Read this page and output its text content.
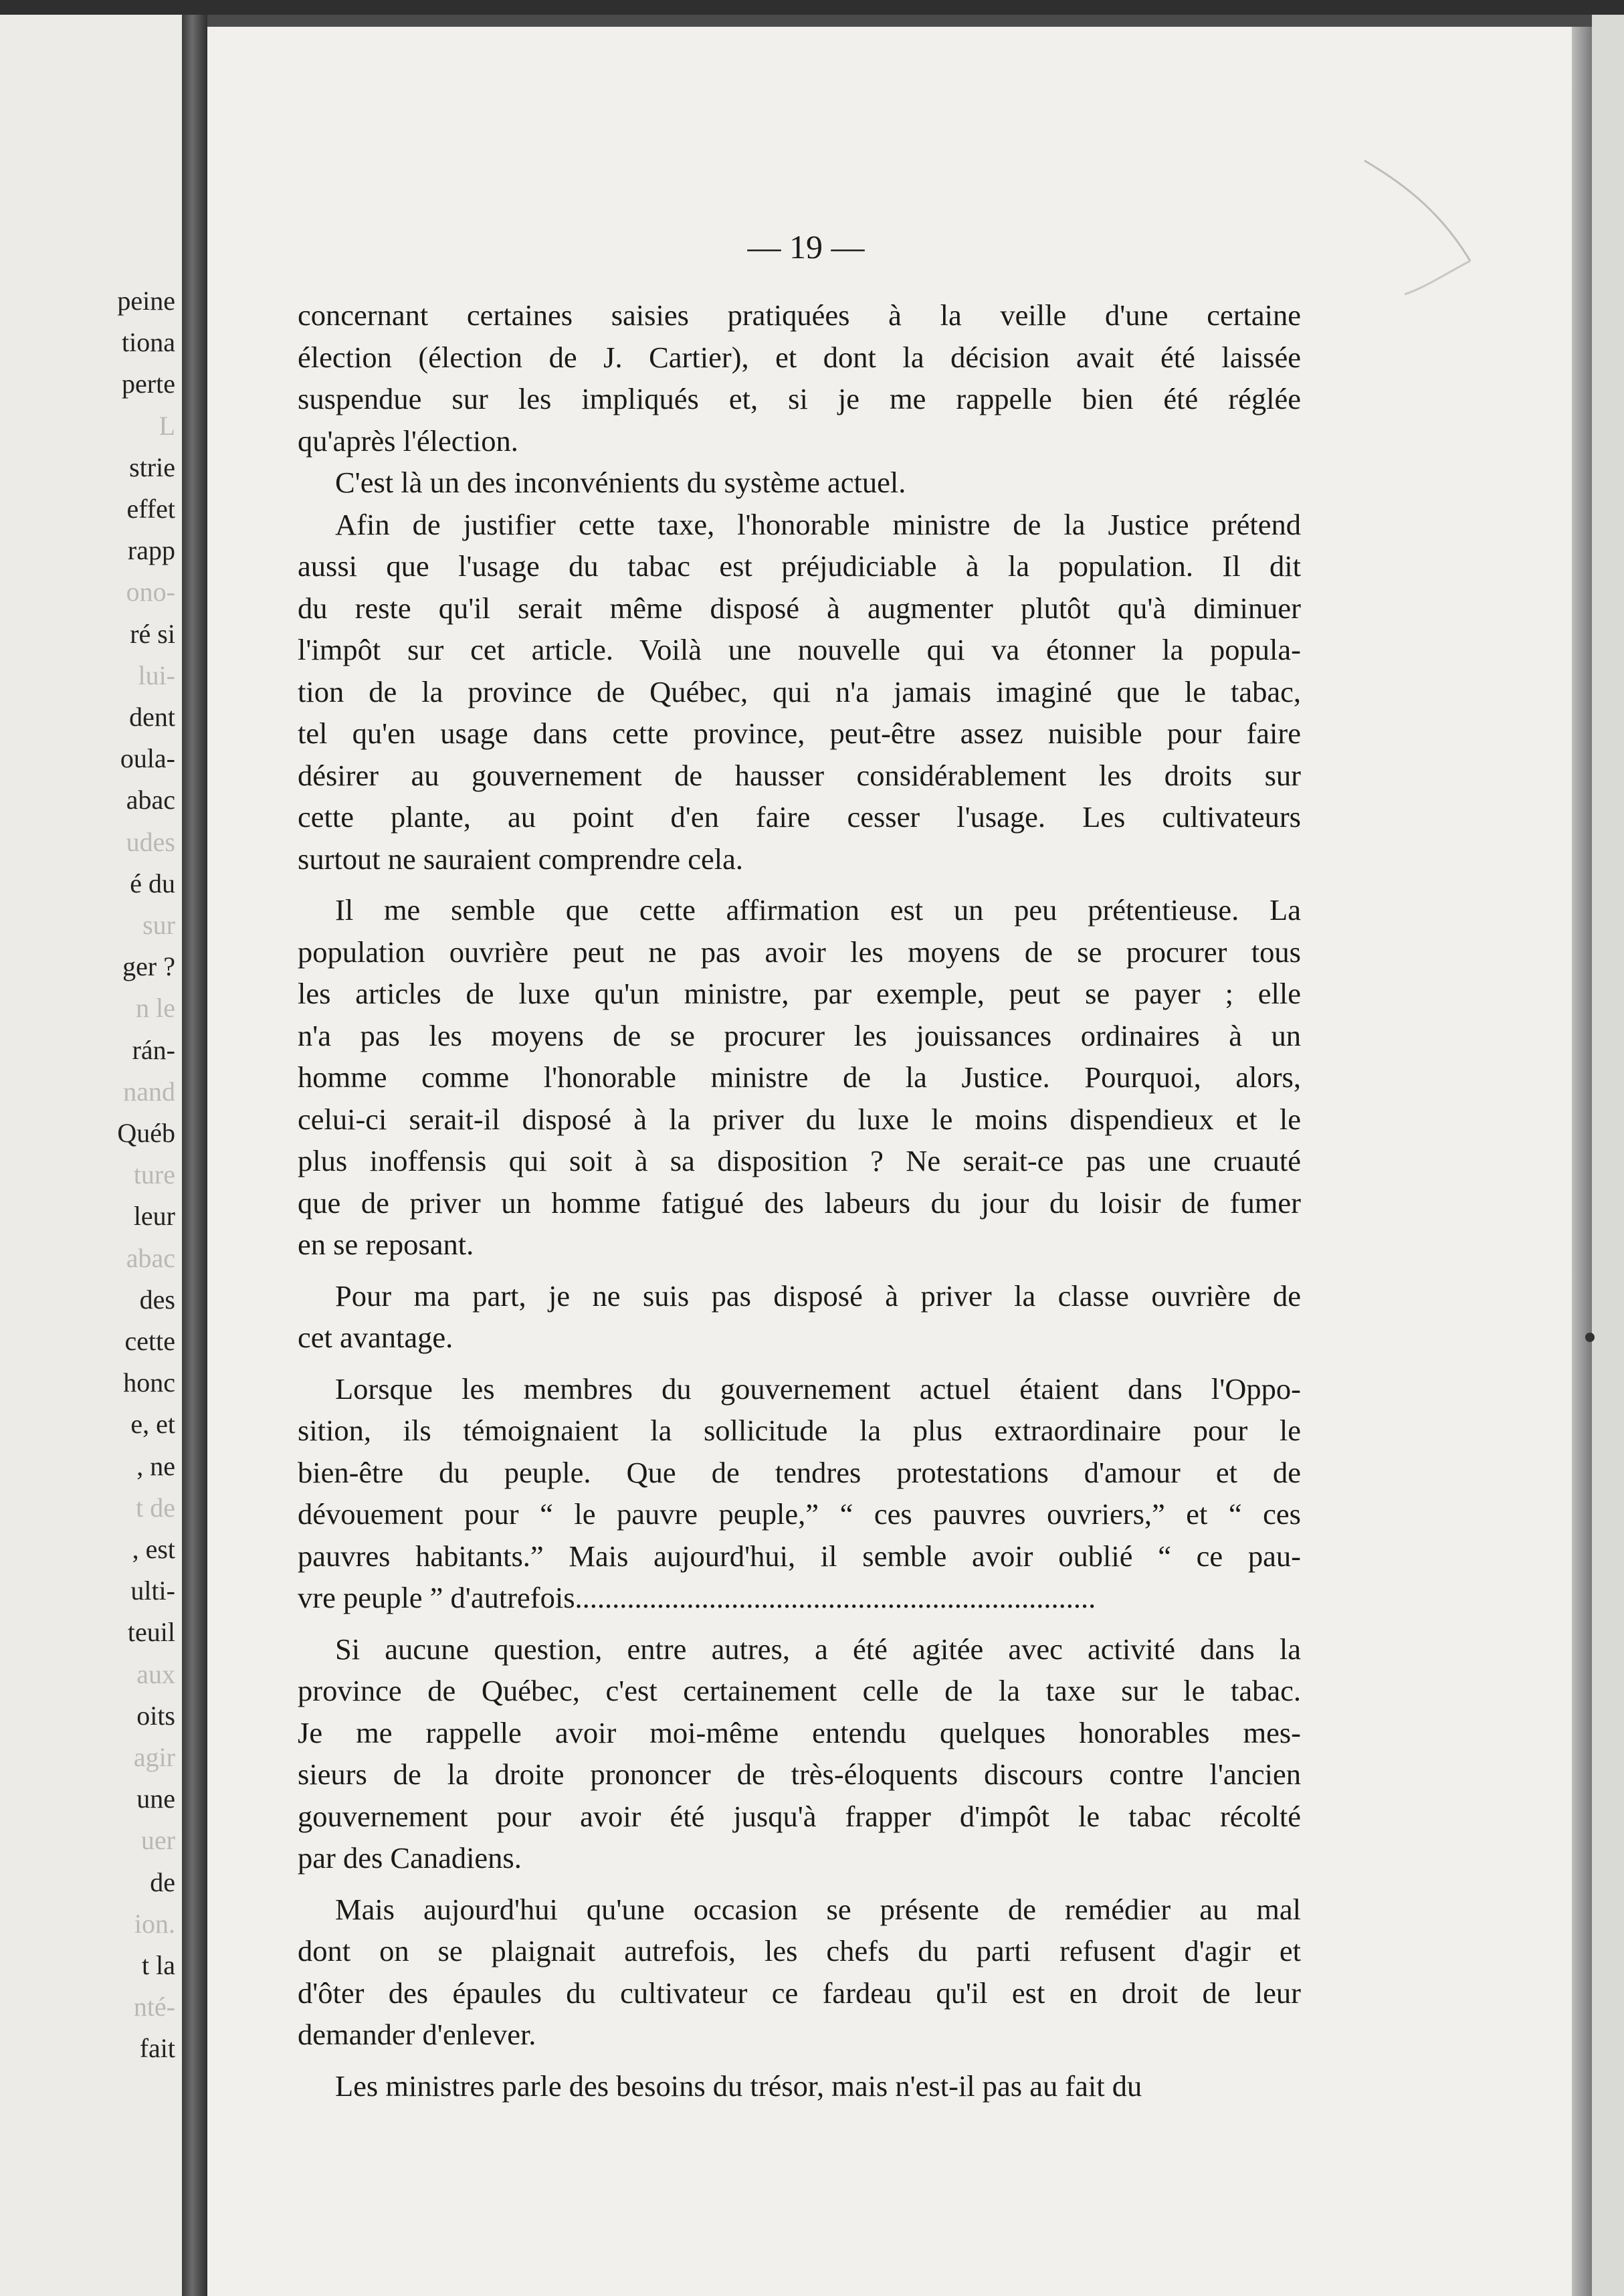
peine
tiona
perte
L
strie
effet
rapp
ono-
ré si
lui-
dent
oula-
abac
udes
é du
sur
ger ?
n le
rán-
nand
Québ
ture
leur
abac
des
cette
honc
e, et
, ne
t de
, est
ulti-
teuil
aux
oits
agir
une
uer
de
ion.
t la
nté-
fait
— 19 —
concernant certaines saisies pratiquées à la veille d'une certaine
élection (élection de J. Cartier), et dont la décision avait été laissée
suspendue sur les impliqués et, si je me rappelle bien été réglée
qu'après l'élection.
C'est là un des inconvénients du système actuel.
Afin de justifier cette taxe, l'honorable ministre de la Justice prétend
aussi que l'usage du tabac est préjudiciable à la population. Il dit
du reste qu'il serait même disposé à augmenter plutôt qu'à diminuer
l'impôt sur cet article. Voilà une nouvelle qui va étonner la popula-
tion de la province de Québec, qui n'a jamais imaginé que le tabac,
tel qu'en usage dans cette province, peut-être assez nuisible pour faire
désirer au gouvernement de hausser considérablement les droits sur
cette plante, au point d'en faire cesser l'usage. Les cultivateurs
surtout ne sauraient comprendre cela.
Il me semble que cette affirmation est un peu prétentieuse. La
population ouvrière peut ne pas avoir les moyens de se procurer tous
les articles de luxe qu'un ministre, par exemple, peut se payer ; elle
n'a pas les moyens de se procurer les jouissances ordinaires à un
homme comme l'honorable ministre de la Justice. Pourquoi, alors,
celui-ci serait-il disposé à la priver du luxe le moins dispendieux et le
plus inoffensis qui soit à sa disposition ? Ne serait-ce pas une cruauté
que de priver un homme fatigué des labeurs du jour du loisir de fumer
en se reposant.
Pour ma part, je ne suis pas disposé à priver la classe ouvrière de
cet avantage.
Lorsque les membres du gouvernement actuel étaient dans l'Oppo-
sition, ils témoignaient la sollicitude la plus extraordinaire pour le
bien-être du peuple. Que de tendres protestations d'amour et de
dévouement pour “ le pauvre peuple,” “ ces pauvres ouvriers,” et “ ces
pauvres habitants.” Mais aujourd'hui, il semble avoir oublié “ ce pau-
vre peuple ” d'autrefois......................................................................
Si aucune question, entre autres, a été agitée avec activité dans la
province de Québec, c'est certainement celle de la taxe sur le tabac.
Je me rappelle avoir moi-même entendu quelques honorables mes-
sieurs de la droite prononcer de très-éloquents discours contre l'ancien
gouvernement pour avoir été jusqu'à frapper d'impôt le tabac récolté
par des Canadiens.
Mais aujourd'hui qu'une occasion se présente de remédier au mal
dont on se plaignait autrefois, les chefs du parti refusent d'agir et
d'ôter des épaules du cultivateur ce fardeau qu'il est en droit de leur
demander d'enlever.
Les ministres parle des besoins du trésor, mais n'est-il pas au fait du
